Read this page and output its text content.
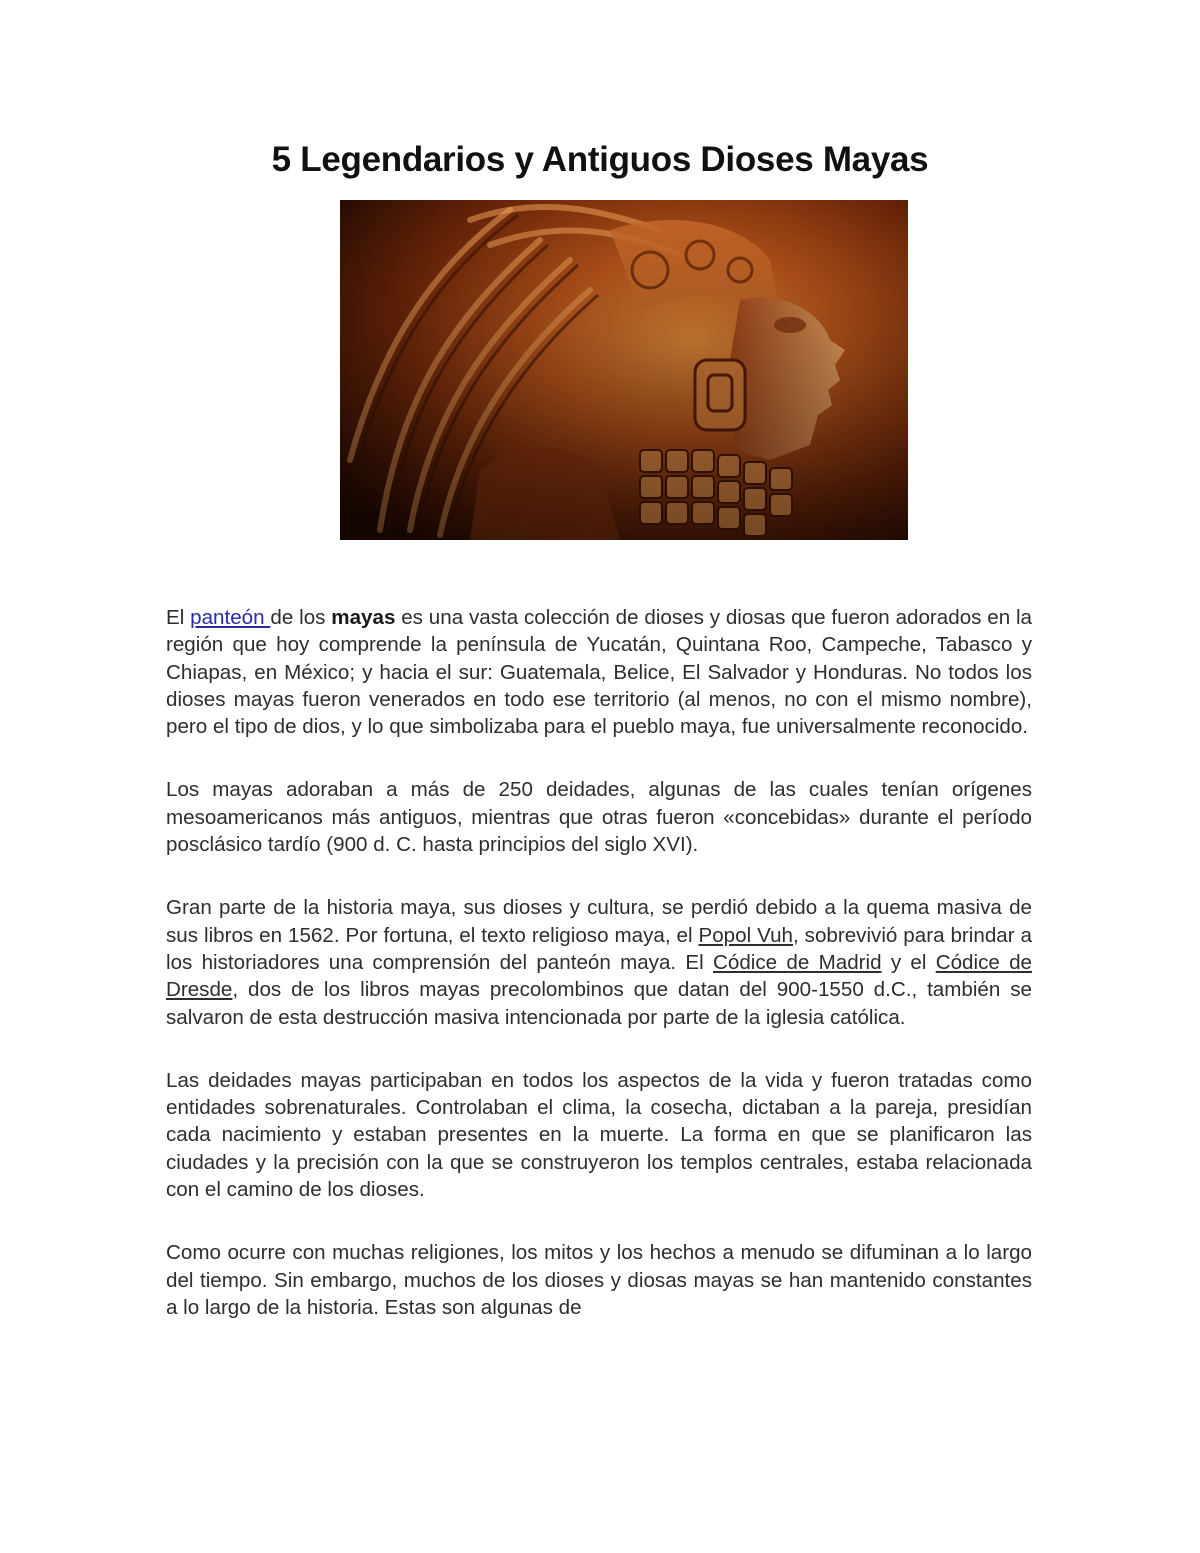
5 Legendarios y Antiguos Dioses Mayas

El panteón de los mayas es una vasta colección de dioses y diosas que fueron adorados en la región que hoy comprende la península de Yucatán, Quintana Roo, Campeche, Tabasco y Chiapas, en México; y hacia el sur: Guatemala, Belice, El Salvador y Honduras. No todos los dioses mayas fueron venerados en todo ese territorio (al menos, no con el mismo nombre), pero el tipo de dios, y lo que simbolizaba para el pueblo maya, fue universalmente reconocido.

Los mayas adoraban a más de 250 deidades, algunas de las cuales tenían orígenes mesoamericanos más antiguos, mientras que otras fueron «concebidas» durante el período posclásico tardío (900 d. C. hasta principios del siglo XVI).

Gran parte de la historia maya, sus dioses y cultura, se perdió debido a la quema masiva de sus libros en 1562. Por fortuna, el texto religioso maya, el Popol Vuh, sobrevivió para brindar a los historiadores una comprensión del panteón maya. El Códice de Madrid y el Códice de Dresde, dos de los libros mayas precolombinos que datan del 900-1550 d.C., también se salvaron de esta destrucción masiva intencionada por parte de la iglesia católica.

Las deidades mayas participaban en todos los aspectos de la vida y fueron tratadas como entidades sobrenaturales. Controlaban el clima, la cosecha, dictaban a la pareja, presidían cada nacimiento y estaban presentes en la muerte. La forma en que se planificaron las ciudades y la precisión con la que se construyeron los templos centrales, estaba relacionada con el camino de los dioses.

Como ocurre con muchas religiones, los mitos y los hechos a menudo se difuminan a lo largo del tiempo. Sin embargo, muchos de los dioses y diosas mayas se han mantenido constantes a lo largo de la historia. Estas son algunas de
